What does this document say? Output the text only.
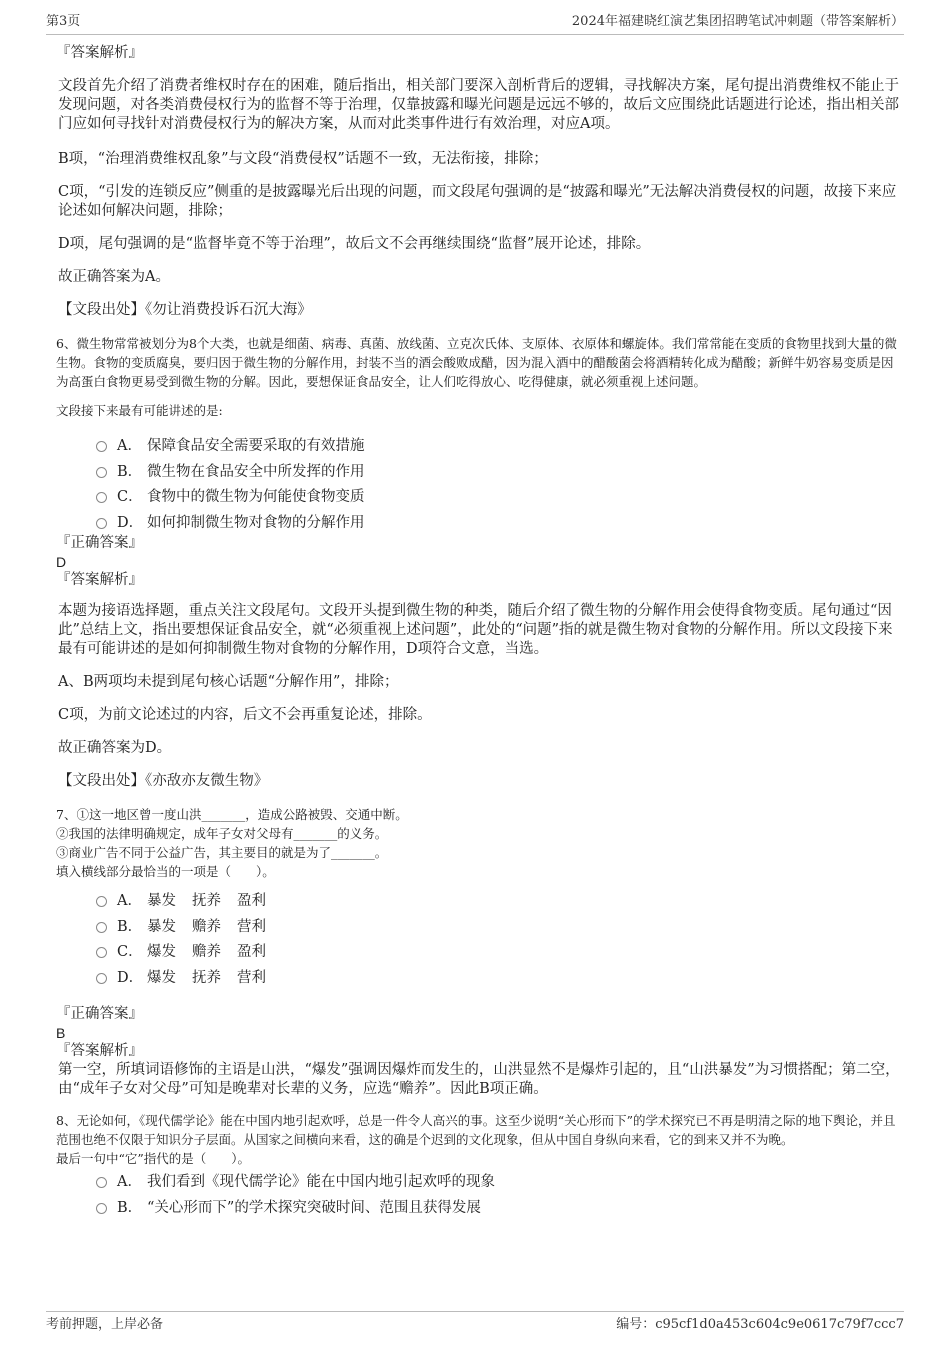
第3页	2024年福建晓红演艺集团招聘笔试冲刺题（带答案解析）
『答案解析』
文段首先介绍了消费者维权时存在的困难，随后指出，相关部门要深入剖析背后的逻辑，寻找解决方案，尾句提出消费维权不能止于发现问题，对各类消费侵权行为的监督不等于治理，仅靠披露和曝光问题是远远不够的，故后文应围绕此话题进行论述，指出相关部门应如何寻找针对消费侵权行为的解决方案，从而对此类事件进行有效治理，对应A项。
B项，“治理消费维权乱象”与文段“消费侵权”话题不一致，无法衔接，排除；
C项，“引发的连锁反应”侧重的是披露曝光后出现的问题，而文段尾句强调的是“披露和曝光”无法解决消费侵权的问题，故接下来应论述如何解决问题，排除；
D项，尾句强调的是“监督毕竟不等于治理”，故后文不会再继续围绕“监督”展开论述，排除。
故正确答案为A。
【文段出处】《勿让消费投诉石沉大海》
6、微生物常常被划分为8个大类，也就是细菌、病毒、真菌、放线菌、立克次氏体、支原体、衣原体和螺旋体。我们常常能在变质的食物里找到大量的微生物。食物的变质腐臭，要归因于微生物的分解作用，封装不当的酒会酸败成醋，因为混入酒中的醋酸菌会将酒精转化成为醋酸；新鲜牛奶容易变质是因为高蛋白食物更易受到微生物的分解。因此，要想保证食品安全，让人们吃得放心、吃得健康，就必须重视上述问题。
文段接下来最有可能讲述的是:
A． 保障食品安全需要采取的有效措施
B． 微生物在食品安全中所发挥的作用
C． 食物中的微生物为何能使食物变质
D． 如何抑制微生物对食物的分解作用
『正确答案』
D
『答案解析』
本题为接语选择题，重点关注文段尾句。文段开头提到微生物的种类，随后介绍了微生物的分解作用会使得食物变质。尾句通过“因此”总结上文，指出要想保证食品安全，就“必须重视上述问题”，此处的“问题”指的就是微生物对食物的分解作用。所以文段接下来最有可能讲述的是如何抑制微生物对食物的分解作用，D项符合文意，当选。
A、B两项均未提到尾句核心话题“分解作用”，排除；
C项，为前文论述过的内容，后文不会再重复论述，排除。
故正确答案为D。
【文段出处】《亦敌亦友微生物》
7、①这一地区曾一度山洪_______，造成公路被毁、交通中断。
②我国的法律明确规定，成年子女对父母有_______的义务。
③商业广告不同于公益广告，其主要目的就是为了_______。
填入横线部分最恰当的一项是（　　）。
A． 暴发 抚养 盈利
B． 暴发 赡养 营利
C． 爆发 赡养 盈利
D． 爆发 抚养 营利
『正确答案』
B
『答案解析』
第一空，所填词语修饰的主语是山洪，“爆发”强调因爆炸而发生的，山洪显然不是爆炸引起的，且“山洪暴发”为习惯搭配；第二空，由“成年子女对父母”可知是晚辈对长辈的义务，应选“赡养”。因此B项正确。
8、无论如何，《现代儒学论》能在中国内地引起欢呼，总是一件令人高兴的事。这至少说明“关心形而下”的学术探究已不再是明清之际的地下舆论，并且范围也绝不仅限于知识分子层面。从国家之间横向来看，这的确是个迟到的文化现象，但从中国自身纵向来看，它的到来又并不为晚。
最后一句中“它”指代的是（　　）。
A． 我们看到《现代儒学论》能在中国内地引起欢呼的现象
B． “关心形而下”的学术探究突破时间、范围且获得发展
考前押题，上岸必备	编号：c95cf1d0a453c604c9e0617c79f7ccc7
